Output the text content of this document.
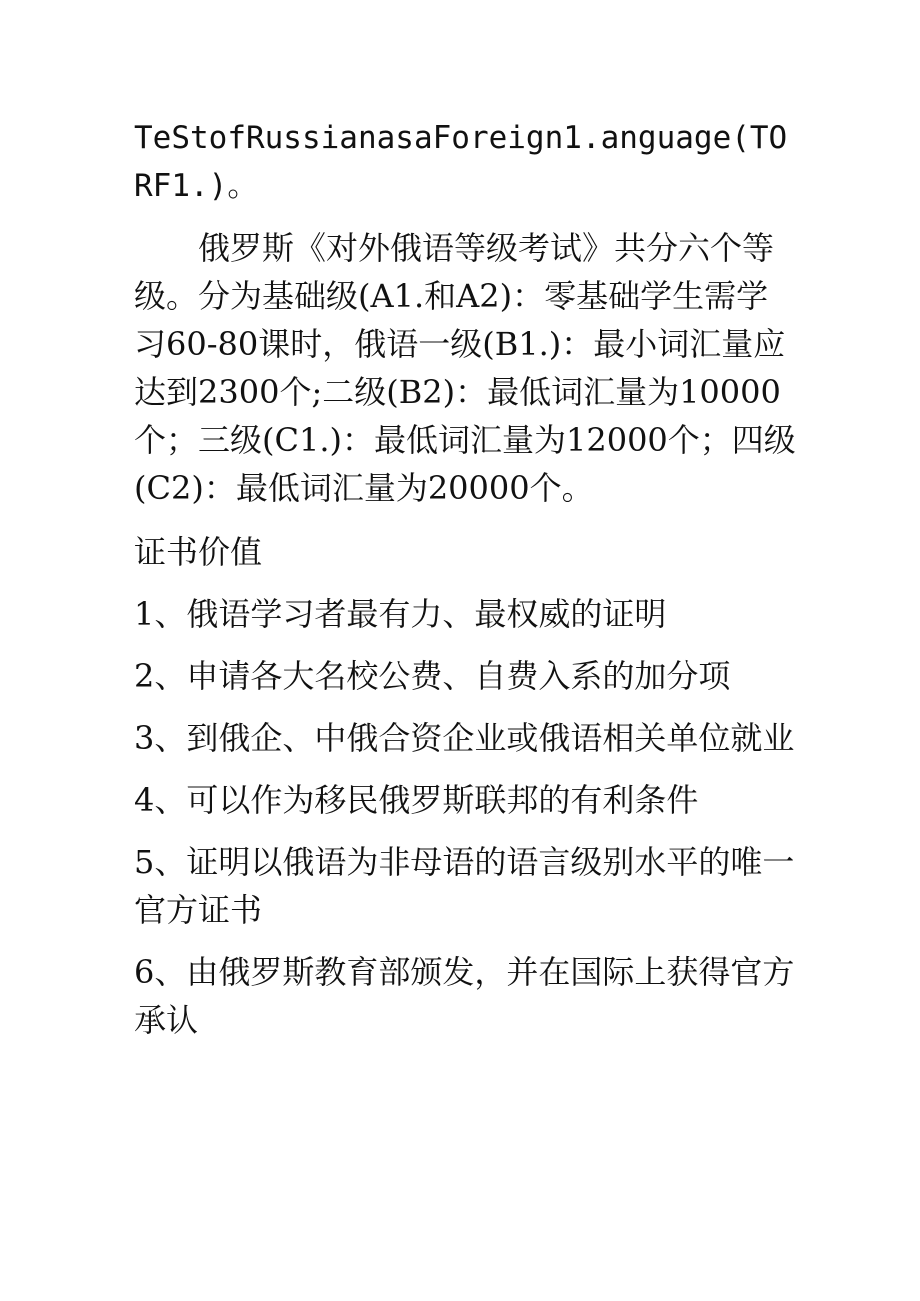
TeStofRussianasaForeign1.anguage(TORF1.)。

俄罗斯《对外俄语等级考试》共分六个等级。分为基础级(A1.和A2)：零基础学生需学习60-80课时，俄语一级(B1.)：最小词汇量应达到2300个;二级(B2)：最低词汇量为10000个；三级(C1.)：最低词汇量为12000个；四级(C2)：最低词汇量为20000个。

证书价值

1、俄语学习者最有力、最权威的证明

2、申请各大名校公费、自费入系的加分项

3、到俄企、中俄合资企业或俄语相关单位就业

4、可以作为移民俄罗斯联邦的有利条件

5、证明以俄语为非母语的语言级别水平的唯一官方证书

6、由俄罗斯教育部颁发，并在国际上获得官方承认
